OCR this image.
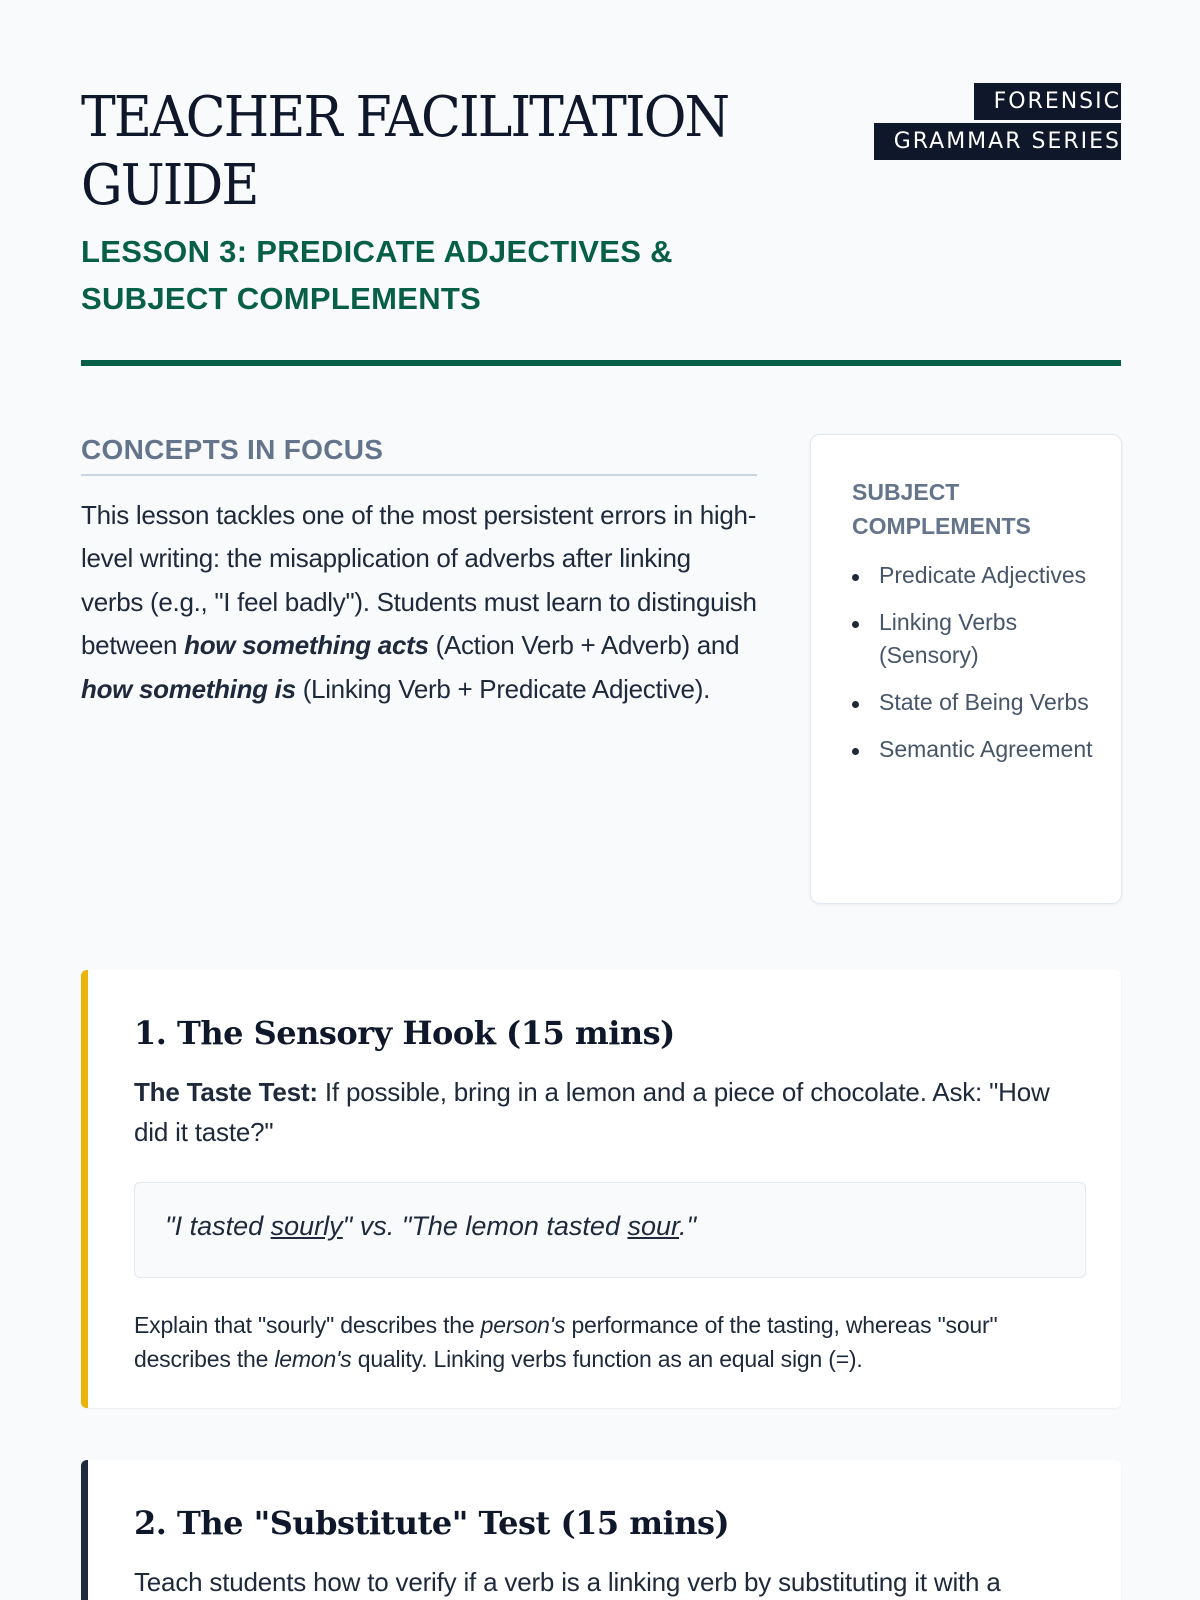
TEACHER FACILITATION GUIDE
LESSON 3: PREDICATE ADJECTIVES & SUBJECT COMPLEMENTS
FORENSIC
GRAMMAR SERIES
CONCEPTS IN FOCUS

This lesson tackles one of the most persistent errors in high-level writing: the misapplication of adverbs after linking verbs (e.g., "I feel badly"). Students must learn to distinguish between how something acts (Action Verb + Adverb) and how something is (Linking Verb + Predicate Adjective).

SUBJECT COMPLEMENTS
Predicate Adjectives
Linking Verbs (Sensory)
State of Being Verbs
Semantic Agreement
1. The Sensory Hook (15 mins)

The Taste Test: If possible, bring in a lemon and a piece of chocolate. Ask: "How did it taste?"

"I tasted sourly" vs. "The lemon tasted sour."

Explain that "sourly" describes the person's performance of the tasting, whereas "sour" describes the lemon's quality. Linking verbs function as an equal sign (=).

2. The "Substitute" Test (15 mins)

Teach students how to verify if a verb is a linking verb by substituting it with a
